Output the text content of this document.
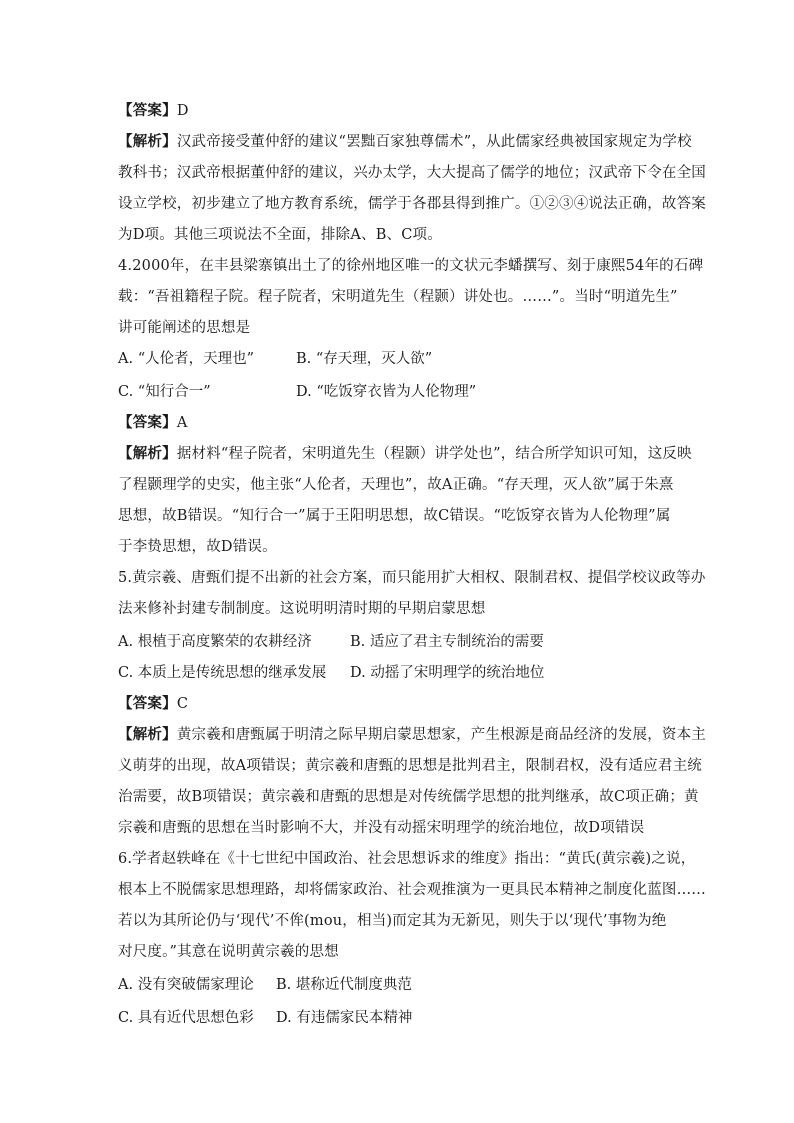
【答案】D
【解析】汉武帝接受董仲舒的建议“罢黜百家独尊儒术”，从此儒家经典被国家规定为学校
教科书；汉武帝根据董仲舒的建议，兴办太学，大大提高了儒学的地位；汉武帝下令在全国
设立学校，初步建立了地方教育系统，儒学于各郡县得到推广。①②③④说法正确，故答案
为D项。其他三项说法不全面，排除A、B、C项。
4.2000年，在丰县梁寨镇出土了的徐州地区唯一的文状元李蟠撰写、刻于康熙54年的石碑
载：“吾祖籍程子院。程子院者，宋明道先生（程颢）讲处也。……”。当时“明道先生”
讲可能阐述的思想是
A. “人伦者，天理也”	B. “存天理，灭人欲”
C. “知行合一”	D. “吃饭穿衣皆为人伦物理”
【答案】A
【解析】据材料“程子院者，宋明道先生（程颢）讲学处也”，结合所学知识可知，这反映
了程颢理学的史实，他主张“人伦者，天理也”，故A正确。“存天理，灭人欲”属于朱熹
思想，故B错误。“知行合一”属于王阳明思想，故C错误。“吃饭穿衣皆为人伦物理”属
于李贽思想，故D错误。
5.黄宗羲、唐甄们提不出新的社会方案，而只能用扩大相权、限制君权、提倡学校议政等办
法来修补封建专制制度。这说明明清时期的早期启蒙思想
A. 根植于高度繁荣的农耕经济	B. 适应了君主专制统治的需要
C. 本质上是传统思想的继承发展 D. 动摇了宋明理学的统治地位
【答案】C
【解析】黄宗羲和唐甄属于明清之际早期启蒙思想家，产生根源是商品经济的发展，资本主
义萌芽的出现，故A项错误；黄宗羲和唐甄的思想是批判君主，限制君权，没有适应君主统
治需要，故B项错误；黄宗羲和唐甄的思想是对传统儒学思想的批判继承，故C项正确；黄
宗羲和唐甄的思想在当时影响不大，并没有动摇宋明理学的统治地位，故D项错误
6.学者赵轶峰在《十七世纪中国政治、社会思想诉求的维度》指出：“黄氏(黄宗羲)之说，
根本上不脱儒家思想理路，却将儒家政治、社会观推演为一更具民本精神之制度化蓝图……
若以为其所论仍与‘现代’不侔(mou，相当)而定其为无新见，则失于以‘现代’事物为绝
对尺度。”其意在说明黄宗羲的思想
A. 没有突破儒家理论 B. 堪称近代制度典范
C. 具有近代思想色彩 D. 有违儒家民本精神
